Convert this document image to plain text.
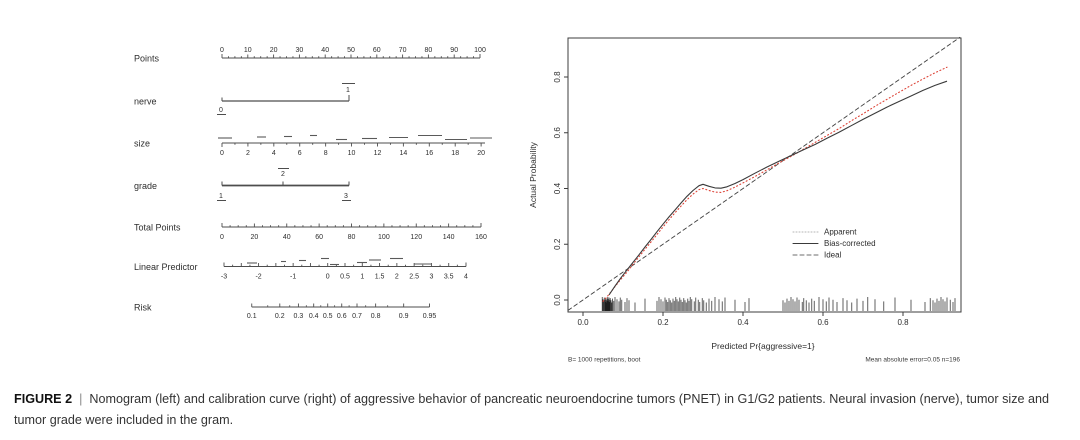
Points
0	10	20	30	40	50	60	70	80	90 100
nerve
1
0
size
0	2	4	6	8	10	12	14	16	18	20
grade
2
1	3
Total Points
0	20	40	60	80	100	120	140	160
Linear Predictor
-3	-2	-1	0 0.5 1 1.5 2 2.5 3 3.5 4
Risk
0.1	0.2 0.3 0.4 0.5 0.6 0.7 0.8	0.9 0.95
0.0	0.2	0.4	0.6	0.8
0.0
0.2
0.4
0.6
0.8
Predicted Pr{aggressive=1}
Actual Probability
Apparent
Bias-corrected
Ideal
B= 1000 repetitions, boot	Mean absolute error=0.05 n=196
FIGURE 2 | Nomogram (left) and calibration curve (right) of aggressive behavior of pancreatic neuroendocrine tumors (PNET) in G1/G2 patients. Neural invasion (nerve), tumor size and tumor grade were included in the gram.
